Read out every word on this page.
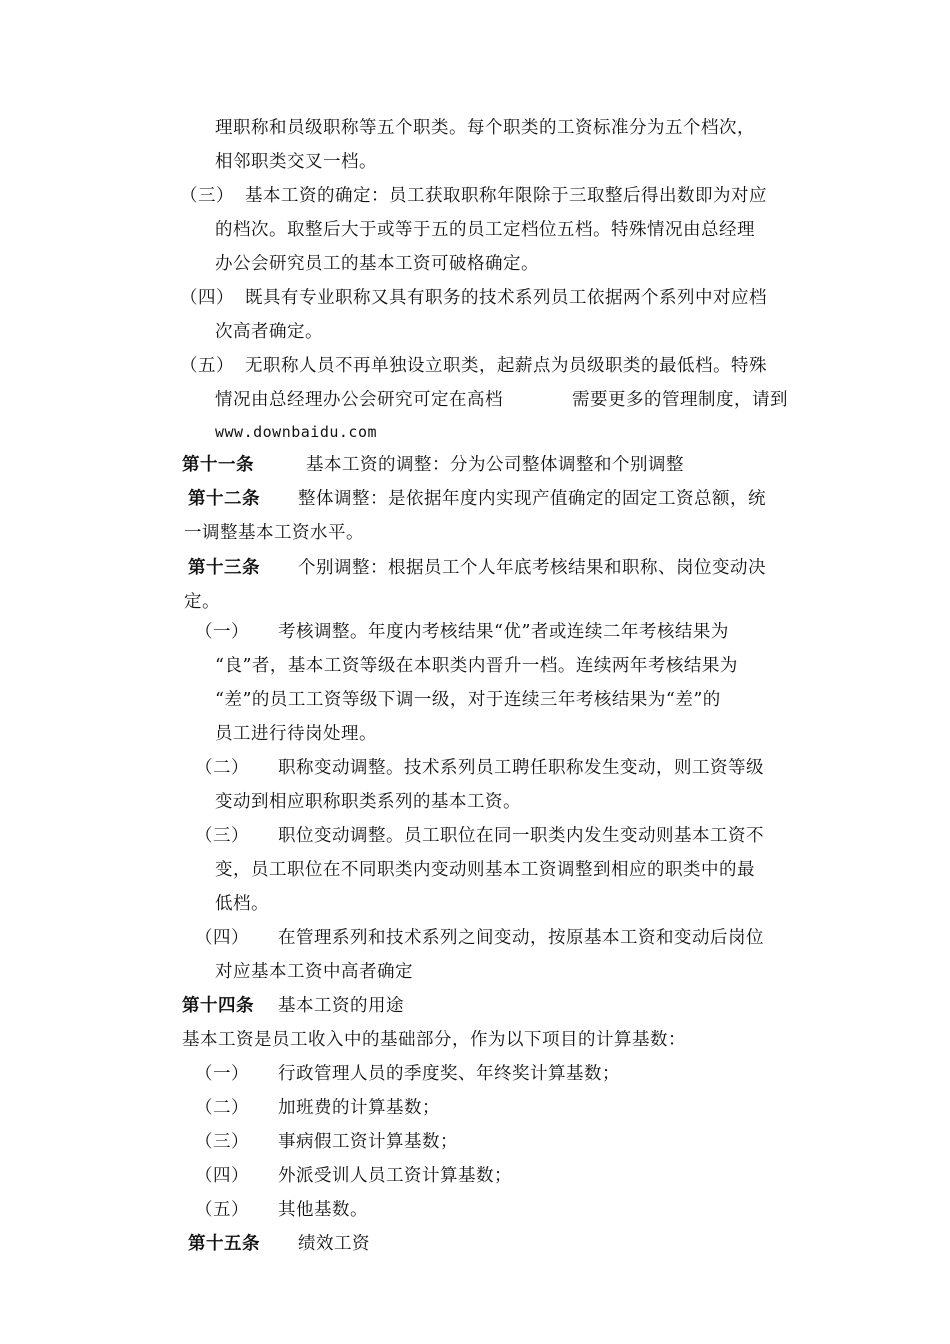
理职称和员级职称等五个职类。每个职类的工资标准分为五个档次，
相邻职类交叉一档。
（三） 基本工资的确定：员工获取职称年限除于三取整后得出数即为对应
的档次。取整后大于或等于五的员工定档位五档。特殊情况由总经理
办公会研究员工的基本工资可破格确定。
（四） 既具有专业职称又具有职务的技术系列员工依据两个系列中对应档
次高者确定。
（五） 无职称人员不再单独设立职类，起薪点为员级职类的最低档。特殊
情况由总经理办公会研究可定在高档	需要更多的管理制度，请到
www.downbaidu.com
第十一条	基本工资的调整：分为公司整体调整和个别调整
第十二条 整体调整：是依据年度内实现产值确定的固定工资总额，统
一调整基本工资水平。
第十三条 个别调整：根据员工个人年底考核结果和职称、岗位变动决
定。
（一） 考核调整。年度内考核结果“优”者或连续二年考核结果为
“良”者，基本工资等级在本职类内晋升一档。连续两年考核结果为
“差”的员工工资等级下调一级，对于连续三年考核结果为“差”的
员工进行待岗处理。
（二） 职称变动调整。技术系列员工聘任职称发生变动，则工资等级
变动到相应职称职类系列的基本工资。
（三） 职位变动调整。员工职位在同一职类内发生变动则基本工资不
变，员工职位在不同职类内变动则基本工资调整到相应的职类中的最
低档。
（四） 在管理系列和技术系列之间变动，按原基本工资和变动后岗位
对应基本工资中高者确定
第十四条 基本工资的用途
基本工资是员工收入中的基础部分，作为以下项目的计算基数：
（一） 行政管理人员的季度奖、年终奖计算基数；
（二） 加班费的计算基数；
（三） 事病假工资计算基数；
（四） 外派受训人员工资计算基数；
（五） 其他基数。
第十五条 绩效工资
